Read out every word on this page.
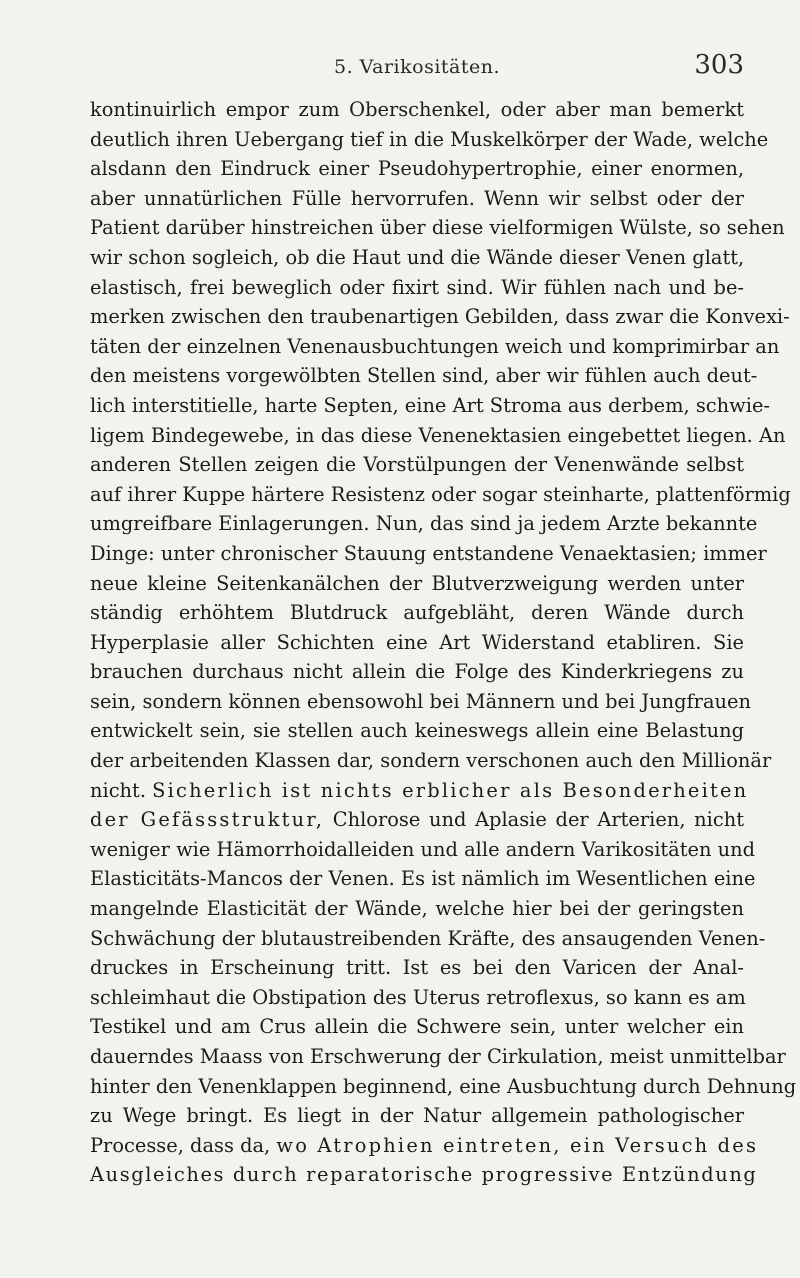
5. Varikositäten.	303
kontinuirlich empor zum Oberschenkel, oder aber man bemerkt
deutlich ihren Uebergang tief in die Muskelkörper der Wade, welche
alsdann den Eindruck einer Pseudohypertrophie, einer enormen,
aber unnatürlichen Fülle hervorrufen. Wenn wir selbst oder der
Patient darüber hinstreichen über diese vielformigen Wülste, so sehen
wir schon sogleich, ob die Haut und die Wände dieser Venen glatt,
elastisch, frei beweglich oder fixirt sind. Wir fühlen nach und be-
merken zwischen den traubenartigen Gebilden, dass zwar die Konvexi-
täten der einzelnen Venenausbuchtungen weich und komprimirbar an
den meistens vorgewölbten Stellen sind, aber wir fühlen auch deut-
lich interstitielle, harte Septen, eine Art Stroma aus derbem, schwie-
ligem Bindegewebe, in das diese Venenektasien eingebettet liegen. An
anderen Stellen zeigen die Vorstülpungen der Venenwände selbst
auf ihrer Kuppe härtere Resistenz oder sogar steinharte, plattenförmig
umgreifbare Einlagerungen. Nun, das sind ja jedem Arzte bekannte
Dinge: unter chronischer Stauung entstandene Venaektasien; immer
neue kleine Seitenkanälchen der Blutverzweigung werden unter
ständig erhöhtem Blutdruck aufgebläht, deren Wände durch
Hyperplasie aller Schichten eine Art Widerstand etabliren. Sie
brauchen durchaus nicht allein die Folge des Kinderkriegens zu
sein, sondern können ebensowohl bei Männern und bei Jungfrauen
entwickelt sein, sie stellen auch keineswegs allein eine Belastung
der arbeitenden Klassen dar, sondern verschonen auch den Millionär
nicht. Sicherlich ist nichts erblicher als Besonderheiten
der Gefässstruktur, Chlorose und Aplasie der Arterien, nicht
weniger wie Hämorrhoidalleiden und alle andern Varikositäten und
Elasticitäts-Mancos der Venen. Es ist nämlich im Wesentlichen eine
mangelnde Elasticität der Wände, welche hier bei der geringsten
Schwächung der blutaustreibenden Kräfte, des ansaugenden Venen-
druckes in Erscheinung tritt. Ist es bei den Varicen der Anal-
schleimhaut die Obstipation des Uterus retroflexus, so kann es am
Testikel und am Crus allein die Schwere sein, unter welcher ein
dauerndes Maass von Erschwerung der Cirkulation, meist unmittelbar
hinter den Venenklappen beginnend, eine Ausbuchtung durch Dehnung
zu Wege bringt. Es liegt in der Natur allgemein pathologischer
Processe, dass da, wo Atrophien eintreten, ein Versuch des
Ausgleiches durch reparatorische progressive Entzündung
